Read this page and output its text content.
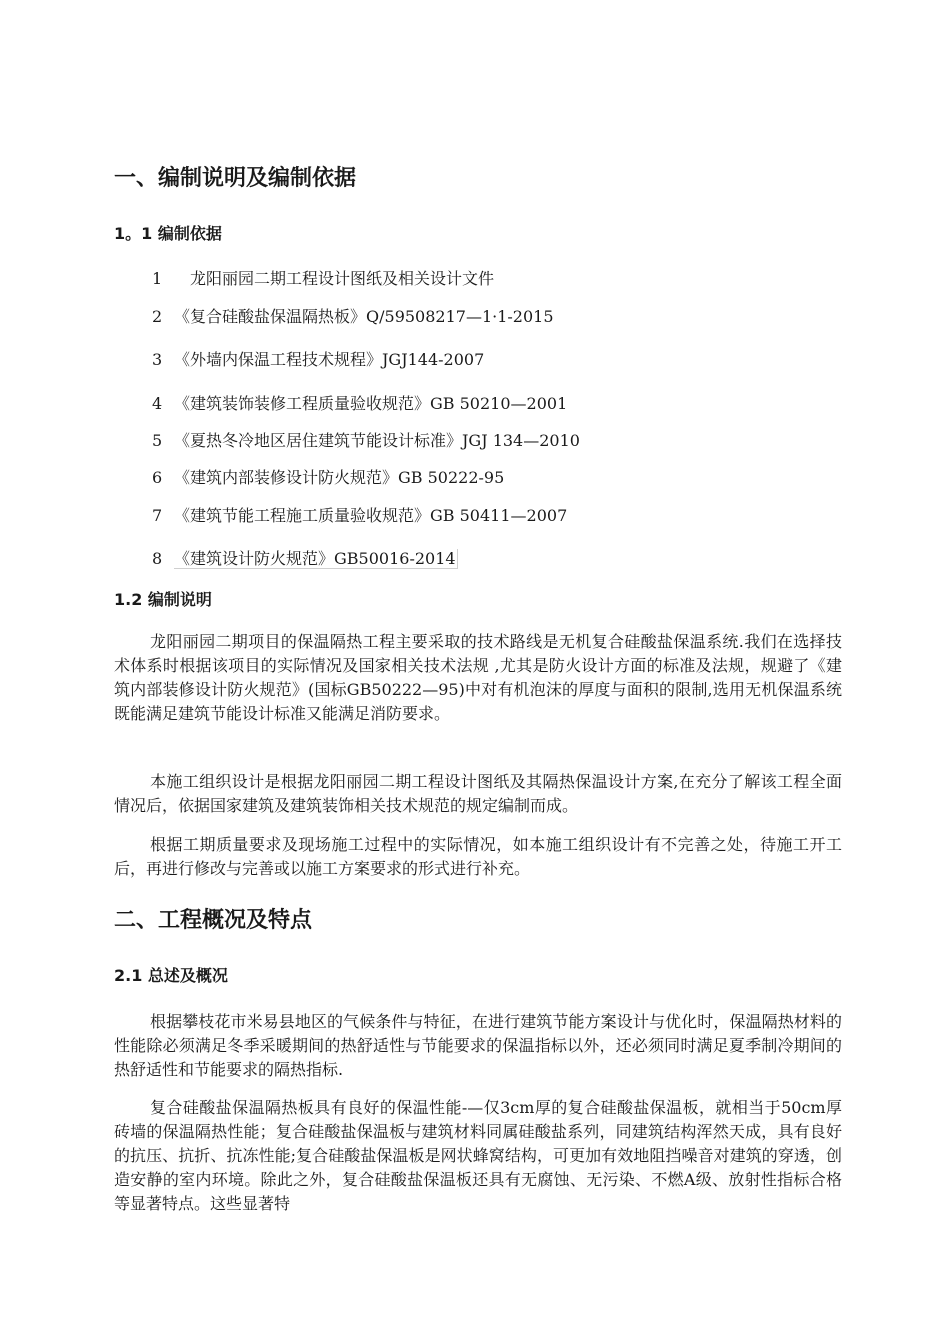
一、编制说明及编制依据
1。1 编制依据
1 龙阳丽园二期工程设计图纸及相关设计文件
2 《复合硅酸盐保温隔热板》Q/59508217—1·1-2015
3 《外墙内保温工程技术规程》JGJ144-2007
4 《建筑装饰装修工程质量验收规范》GB 50210—2001
5 《夏热冬冷地区居住建筑节能设计标准》JGJ 134—2010
6 《建筑内部装修设计防火规范》GB 50222-95
7 《建筑节能工程施工质量验收规范》GB 50411—2007
8 《建筑设计防火规范》GB50016-2014
1.2 编制说明

龙阳丽园二期项目的保温隔热工程主要采取的技术路线是无机复合硅酸盐保温系统.我们在选择技术体系时根据该项目的实际情况及国家相关技术法规 ,尤其是防火设计方面的标准及法规，规避了《建筑内部装修设计防火规范》(国标GB50222—95)中对有机泡沫的厚度与面积的限制,选用无机保温系统既能满足建筑节能设计标准又能满足消防要求。

本施工组织设计是根据龙阳丽园二期工程设计图纸及其隔热保温设计方案,在充分了解该工程全面情况后，依据国家建筑及建筑装饰相关技术规范的规定编制而成。

根据工期质量要求及现场施工过程中的实际情况，如本施工组织设计有不完善之处，待施工开工后，再进行修改与完善或以施工方案要求的形式进行补充。

二、工程概况及特点
2.1 总述及概况

根据攀枝花市米易县地区的气候条件与特征，在进行建筑节能方案设计与优化时，保温隔热材料的性能除必须满足冬季采暖期间的热舒适性与节能要求的保温指标以外，还必须同时满足夏季制冷期间的热舒适性和节能要求的隔热指标.

复合硅酸盐保温隔热板具有良好的保温性能-—仅3cm厚的复合硅酸盐保温板，就相当于50cm厚砖墙的保温隔热性能；复合硅酸盐保温板与建筑材料同属硅酸盐系列，同建筑结构浑然天成，具有良好的抗压、抗折、抗冻性能;复合硅酸盐保温板是网状蜂窝结构，可更加有效地阻挡噪音对建筑的穿透，创造安静的室内环境。除此之外，复合硅酸盐保温板还具有无腐蚀、无污染、不燃A级、放射性指标合格等显著特点。这些显著特
